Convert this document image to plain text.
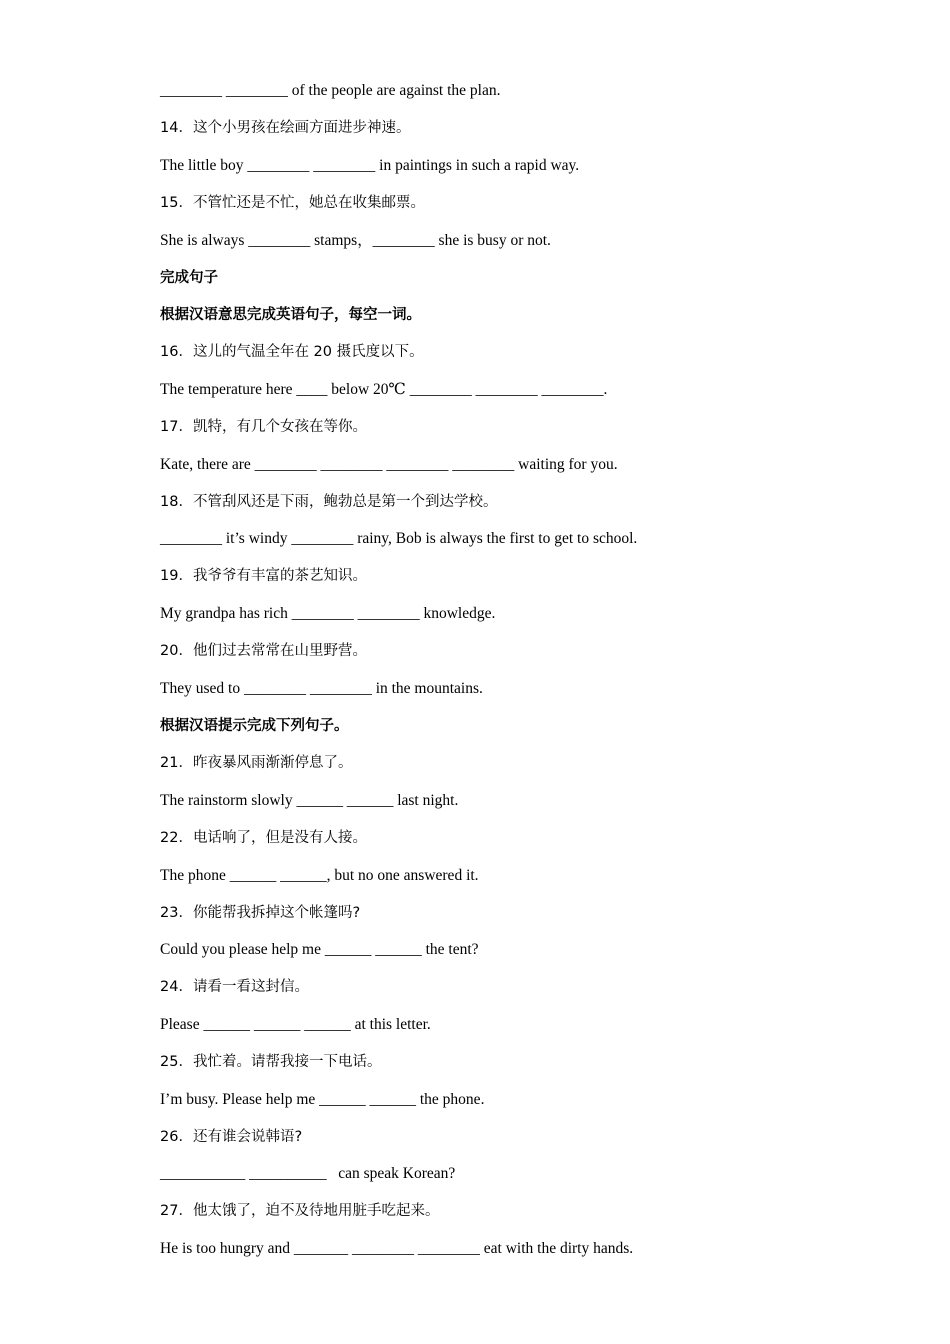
________ ________ of the people are against the plan.
14．这个小男孩在绘画方面进步神速。
The little boy ________ ________ in paintings in such a rapid way.
15．不管忙还是不忙，她总在收集邮票。
She is always ________ stamps，________ she is busy or not.
完成句子
根据汉语意思完成英语句子，每空一词。
16．这儿的气温全年在 20 摄氏度以下。
The temperature here ____ below 20℃ ________ ________ ________.
17．凯特，有几个女孩在等你。
Kate, there are ________ ________ ________ ________ waiting for you.
18．不管刮风还是下雨，鲍勃总是第一个到达学校。
________ it’s windy ________ rainy, Bob is always the first to get to school.
19．我爷爷有丰富的茶艺知识。
My grandpa has rich ________ ________ knowledge.
20．他们过去常常在山里野营。
They used to ________ ________ in the mountains.
根据汉语提示完成下列句子。
21．昨夜暴风雨渐渐停息了。
The rainstorm slowly ______ ______ last night.
22．电话响了，但是没有人接。
The phone ______ ______, but no one answered it.
23．你能帮我拆掉这个帐篷吗?
Could you please help me ______ ______ the tent?
24．请看一看这封信。
Please ______ ______ ______ at this letter.
25．我忙着。请帮我接一下电话。
I’m busy. Please help me ______ ______ the phone.
26．还有谁会说韩语?
___________ __________   can speak Korean?
27．他太饿了，迫不及待地用脏手吃起来。
He is too hungry and _______ ________ ________ eat with the dirty hands.
